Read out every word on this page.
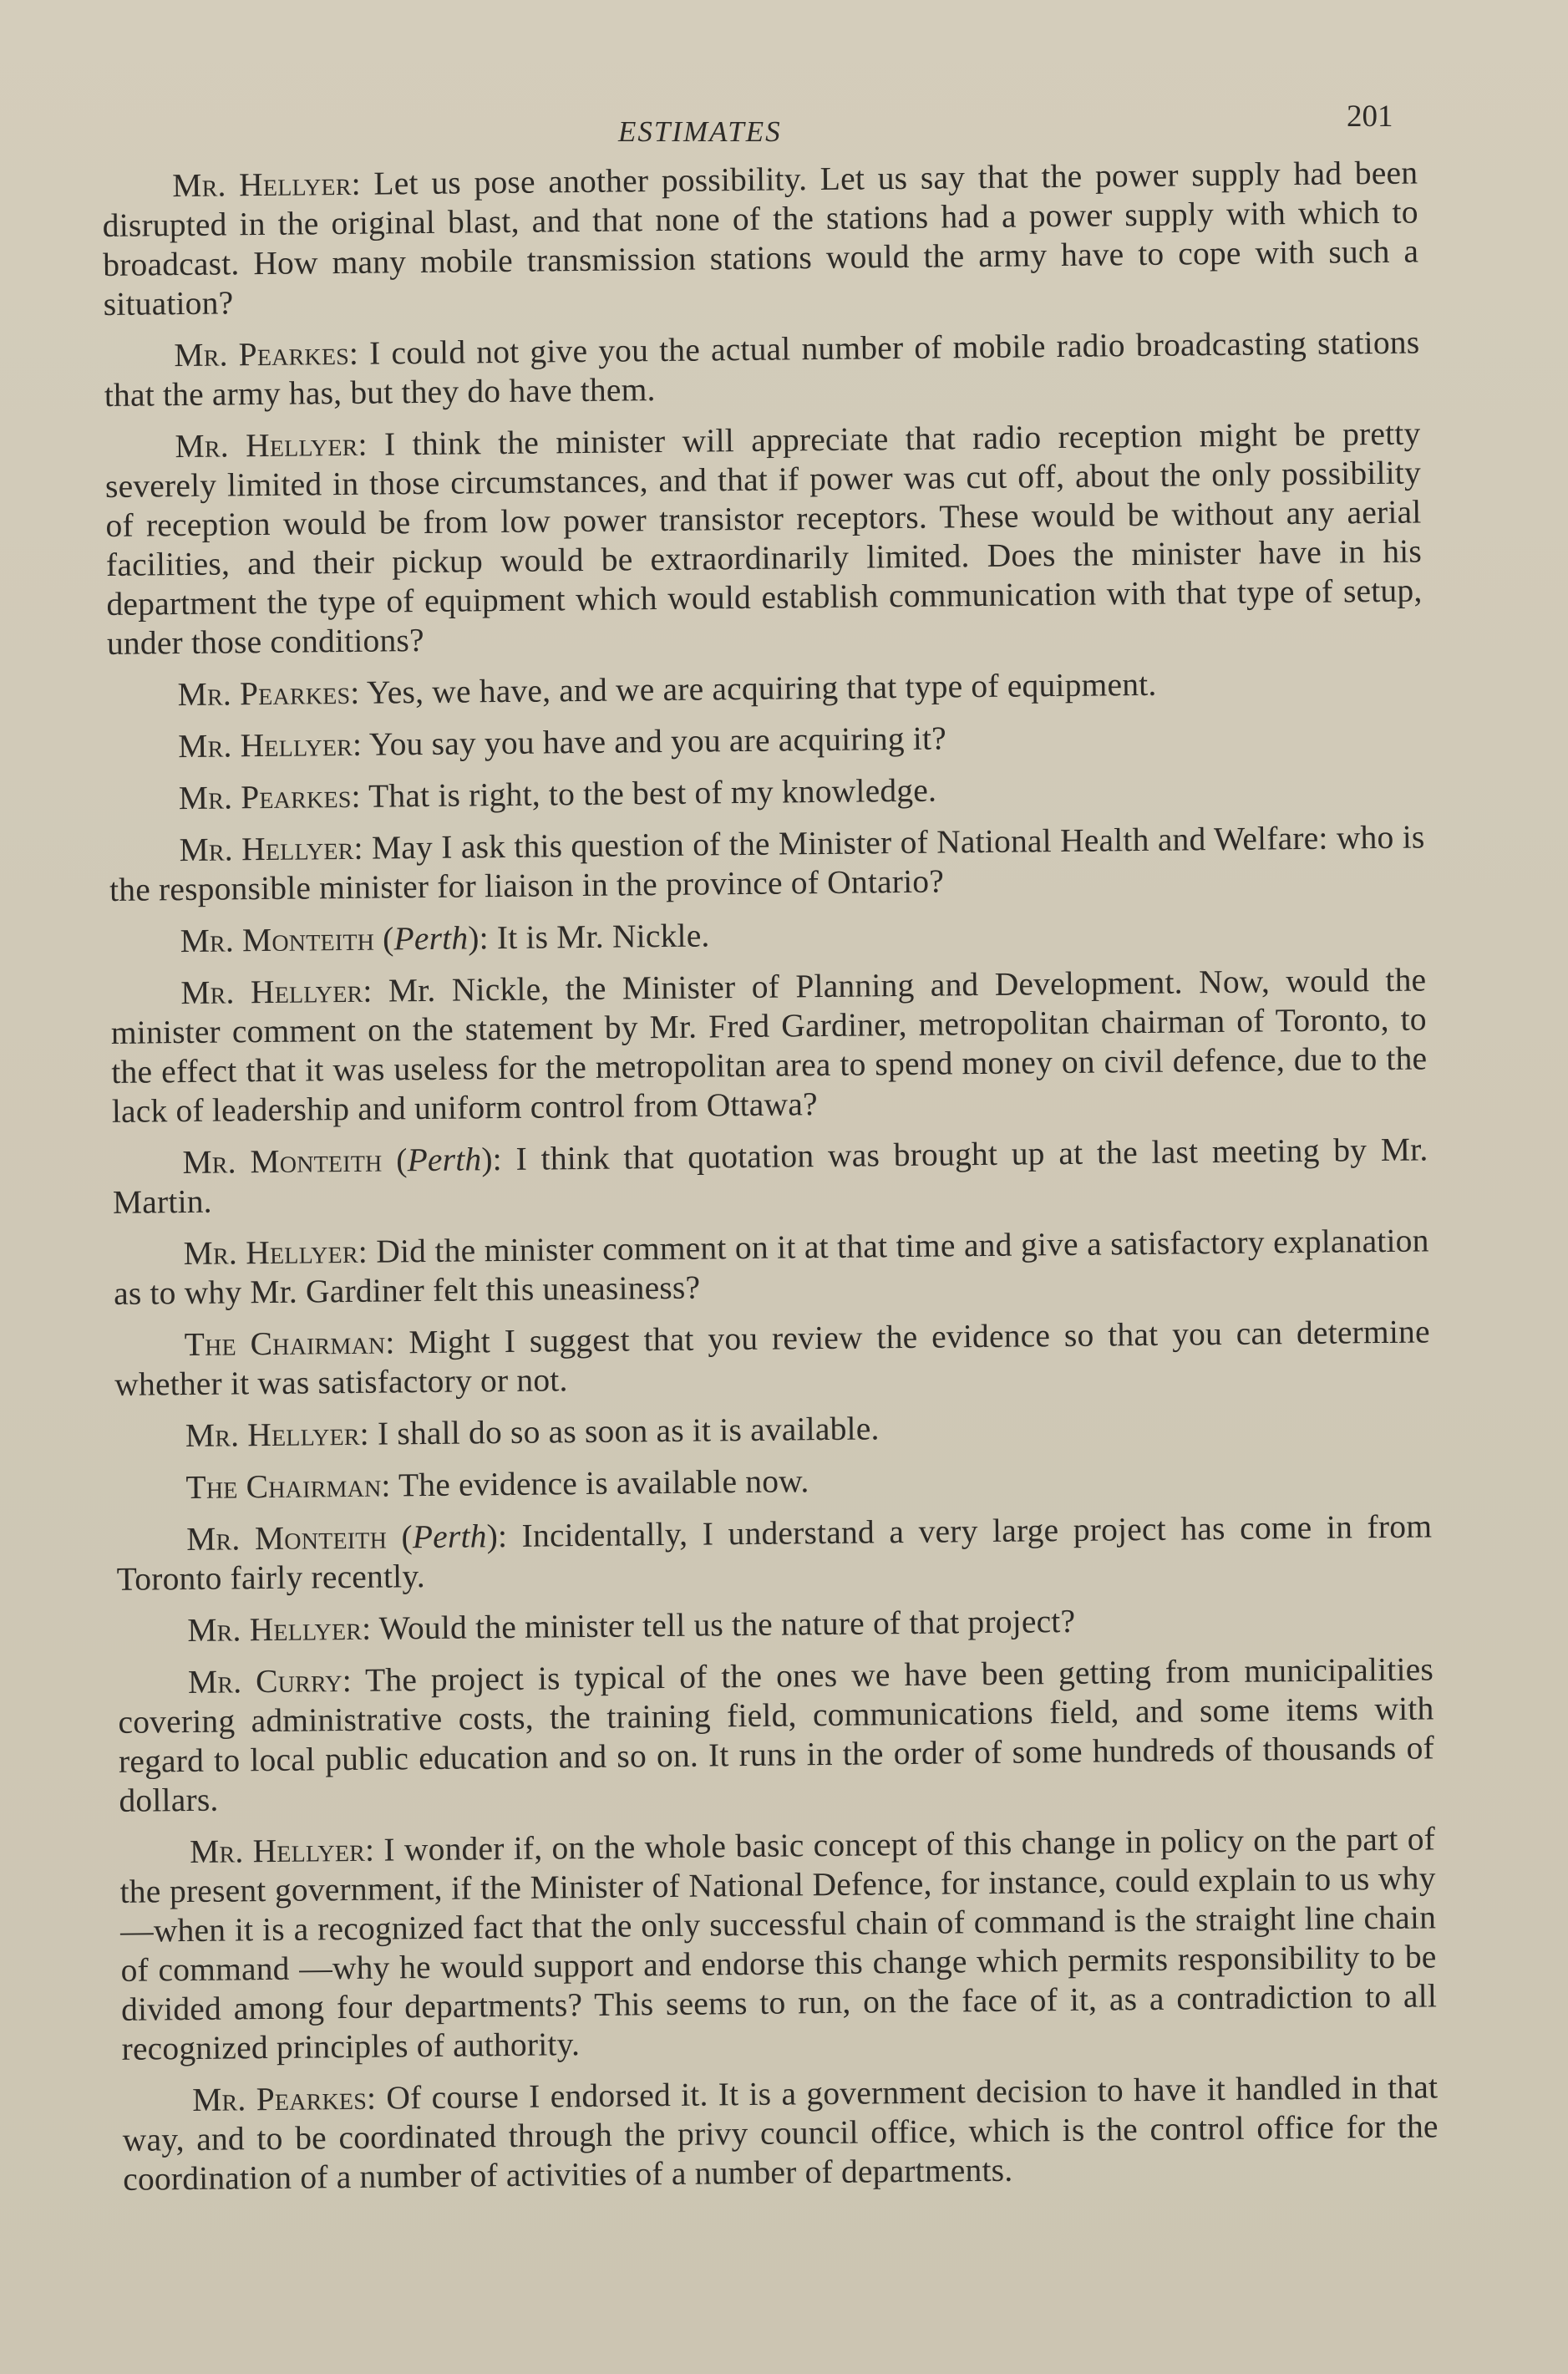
ESTIMATES	201

Mr. Hellyer: Let us pose another possibility. Let us say that the power supply had been disrupted in the original blast, and that none of the stations had a power supply with which to broadcast. How many mobile transmission stations would the army have to cope with such a situation?

Mr. Pearkes: I could not give you the actual number of mobile radio broadcasting stations that the army has, but they do have them.

Mr. Hellyer: I think the minister will appreciate that radio reception might be pretty severely limited in those circumstances, and that if power was cut off, about the only possibility of reception would be from low power transistor receptors. These would be without any aerial facilities, and their pickup would be extraordinarily limited. Does the minister have in his department the type of equipment which would establish communication with that type of setup, under those conditions?

Mr. Pearkes: Yes, we have, and we are acquiring that type of equipment.

Mr. Hellyer: You say you have and you are acquiring it?

Mr. Pearkes: That is right, to the best of my knowledge.

Mr. Hellyer: May I ask this question of the Minister of National Health and Welfare: who is the responsible minister for liaison in the province of Ontario?

Mr. Monteith (Perth): It is Mr. Nickle.

Mr. Hellyer: Mr. Nickle, the Minister of Planning and Development. Now, would the minister comment on the statement by Mr. Fred Gardiner, metropolitan chairman of Toronto, to the effect that it was useless for the metropolitan area to spend money on civil defence, due to the lack of leadership and uniform control from Ottawa?

Mr. Monteith (Perth): I think that quotation was brought up at the last meeting by Mr. Martin.

Mr. Hellyer: Did the minister comment on it at that time and give a satisfactory explanation as to why Mr. Gardiner felt this uneasiness?

The Chairman: Might I suggest that you review the evidence so that you can determine whether it was satisfactory or not.

Mr. Hellyer: I shall do so as soon as it is available.

The Chairman: The evidence is available now.

Mr. Monteith (Perth): Incidentally, I understand a very large project has come in from Toronto fairly recently.

Mr. Hellyer: Would the minister tell us the nature of that project?

Mr. Curry: The project is typical of the ones we have been getting from municipalities covering administrative costs, the training field, communications field, and some items with regard to local public education and so on. It runs in the order of some hundreds of thousands of dollars.

Mr. Hellyer: I wonder if, on the whole basic concept of this change in policy on the part of the present government, if the Minister of National Defence, for instance, could explain to us why—when it is a recognized fact that the only successful chain of command is the straight line chain of command —why he would support and endorse this change which permits responsibility to be divided among four departments? This seems to run, on the face of it, as a contradiction to all recognized principles of authority.

Mr. Pearkes: Of course I endorsed it. It is a government decision to have it handled in that way, and to be coordinated through the privy council office, which is the control office for the coordination of a number of activities of a number of departments.
